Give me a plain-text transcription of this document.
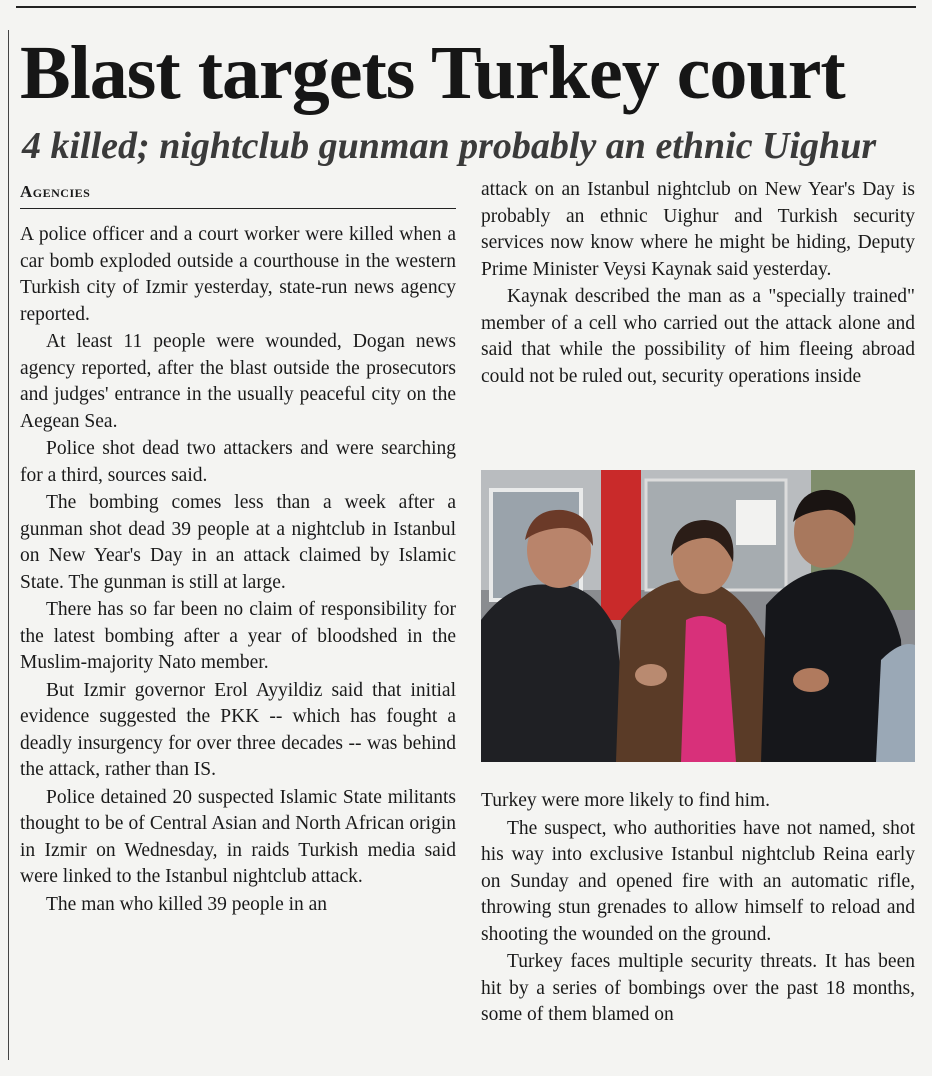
Blast targets Turkey court
4 killed; nightclub gunman probably an ethnic Uighur
Agencies

A police officer and a court worker were killed when a car bomb exploded outside a courthouse in the western Turkish city of Izmir yesterday, state-run news agency reported.

At least 11 people were wounded, Dogan news agency reported, after the blast outside the prosecutors and judges' entrance in the usually peaceful city on the Aegean Sea.

Police shot dead two attackers and were searching for a third, sources said.

The bombing comes less than a week after a gunman shot dead 39 people at a nightclub in Istanbul on New Year's Day in an attack claimed by Islamic State. The gunman is still at large.

There has so far been no claim of responsibility for the latest bombing after a year of bloodshed in the Muslim-majority Nato member.

But Izmir governor Erol Ayyildiz said that initial evidence suggested the PKK -- which has fought a deadly insurgency for over three decades -- was behind the attack, rather than IS.

Police detained 20 suspected Islamic State militants thought to be of Central Asian and North African origin in Izmir on Wednesday, in raids Turkish media said were linked to the Istanbul nightclub attack.

The man who killed 39 people in an

attack on an Istanbul nightclub on New Year's Day is probably an ethnic Uighur and Turkish security services now know where he might be hiding, Deputy Prime Minister Veysi Kaynak said yesterday.

Kaynak described the man as a "specially trained" member of a cell who carried out the attack alone and said that while the possibility of him fleeing abroad could not be ruled out, security operations inside

Turkey were more likely to find him.

The suspect, who authorities have not named, shot his way into exclusive Istanbul nightclub Reina early on Sunday and opened fire with an automatic rifle, throwing stun grenades to allow himself to reload and shooting the wounded on the ground.

Turkey faces multiple security threats. It has been hit by a series of bombings over the past 18 months, some of them blamed on
